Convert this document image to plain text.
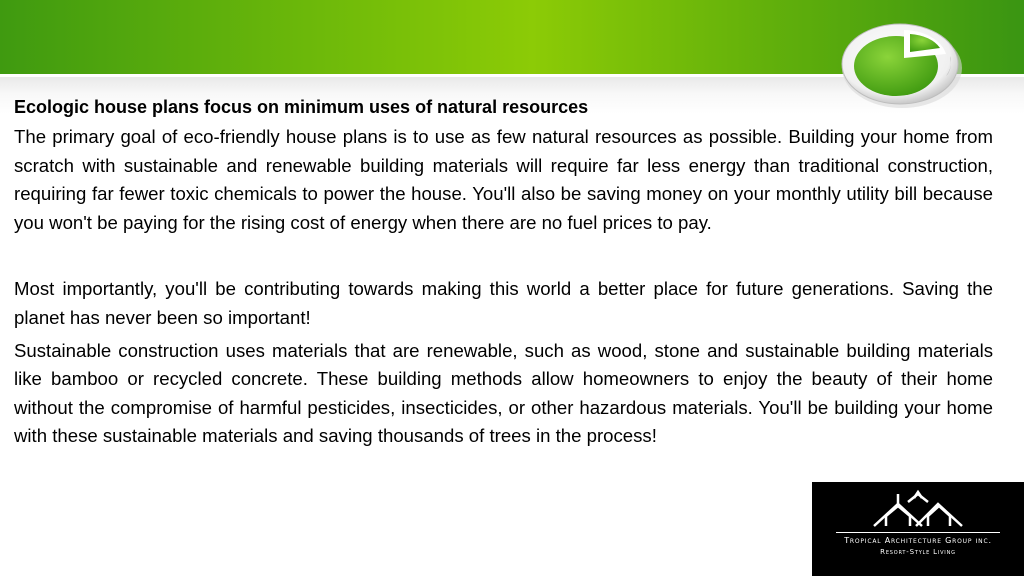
Ecologic house plans focus on minimum uses of natural resources

The primary goal of eco-friendly house plans is to use as few natural resources as possible. Building your home from scratch with sustainable and renewable building materials will require far less energy than traditional construction, requiring far fewer toxic chemicals to power the house. You'll also be saving money on your monthly utility bill because you won't be paying for the rising cost of energy when there are no fuel prices to pay.

Most importantly, you'll be contributing towards making this world a better place for future generations. Saving the planet has never been so important!

Sustainable construction uses materials that are renewable, such as wood, stone and sustainable building materials like bamboo or recycled concrete. These building methods allow homeowners to enjoy the beauty of their home without the compromise of harmful pesticides, insecticides, or other hazardous materials. You'll be building your home with these sustainable materials and saving thousands of trees in the process!

Tropical Architecture Group inc.
Resort-Style Living
